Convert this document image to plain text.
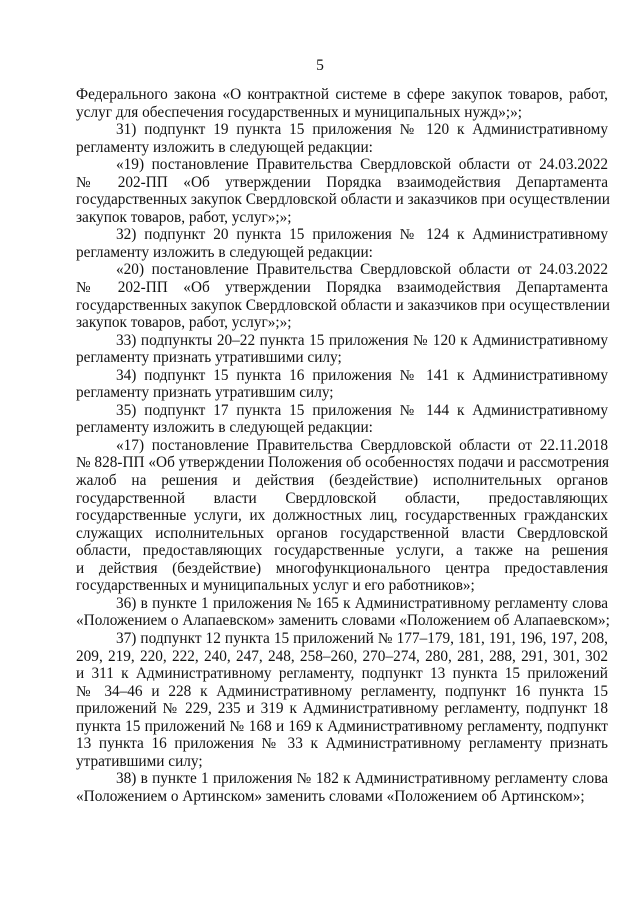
5
Федерального закона «О контрактной системе в сфере закупок товаров, работ,
услуг для обеспечения государственных и муниципальных нужд»;»;
31) подпункт 19 пункта 15 приложения № 120 к Административному
регламенту изложить в следующей редакции:
«19) постановление Правительства Свердловской области от 24.03.2022
№ 202-ПП «Об утверждении Порядка взаимодействия Департамента
государственных закупок Свердловской области и заказчиков при осуществлении
закупок товаров, работ, услуг»;»;
32) подпункт 20 пункта 15 приложения № 124 к Административному
регламенту изложить в следующей редакции:
«20) постановление Правительства Свердловской области от 24.03.2022
№ 202-ПП «Об утверждении Порядка взаимодействия Департамента
государственных закупок Свердловской области и заказчиков при осуществлении
закупок товаров, работ, услуг»;»;
33) подпункты 20–22 пункта 15 приложения № 120 к Административному
регламенту признать утратившими силу;
34) подпункт 15 пункта 16 приложения № 141 к Административному
регламенту признать утратившим силу;
35) подпункт 17 пункта 15 приложения № 144 к Административному
регламенту изложить в следующей редакции:
«17) постановление Правительства Свердловской области от 22.11.2018
№ 828-ПП «Об утверждении Положения об особенностях подачи и рассмотрения
жалоб на решения и действия (бездействие) исполнительных органов
государственной власти Свердловской области, предоставляющих
государственные услуги, их должностных лиц, государственных гражданских
служащих исполнительных органов государственной власти Свердловской
области, предоставляющих государственные услуги, а также на решения
и действия (бездействие) многофункционального центра предоставления
государственных и муниципальных услуг и его работников»;
36) в пункте 1 приложения № 165 к Административному регламенту слова
«Положением о Алапаевском» заменить словами «Положением об Алапаевском»;
37) подпункт 12 пункта 15 приложений № 177–179, 181, 191, 196, 197, 208,
209, 219, 220, 222, 240, 247, 248, 258–260, 270–274, 280, 281, 288, 291, 301, 302
и 311 к Административному регламенту, подпункт 13 пункта 15 приложений
№ 34–46 и 228 к Административному регламенту, подпункт 16 пункта 15
приложений № 229, 235 и 319 к Административному регламенту, подпункт 18
пункта 15 приложений № 168 и 169 к Административному регламенту, подпункт
13 пункта 16 приложения № 33 к Административному регламенту признать
утратившими силу;
38) в пункте 1 приложения № 182 к Административному регламенту слова
«Положением о Артинском» заменить словами «Положением об Артинском»;
